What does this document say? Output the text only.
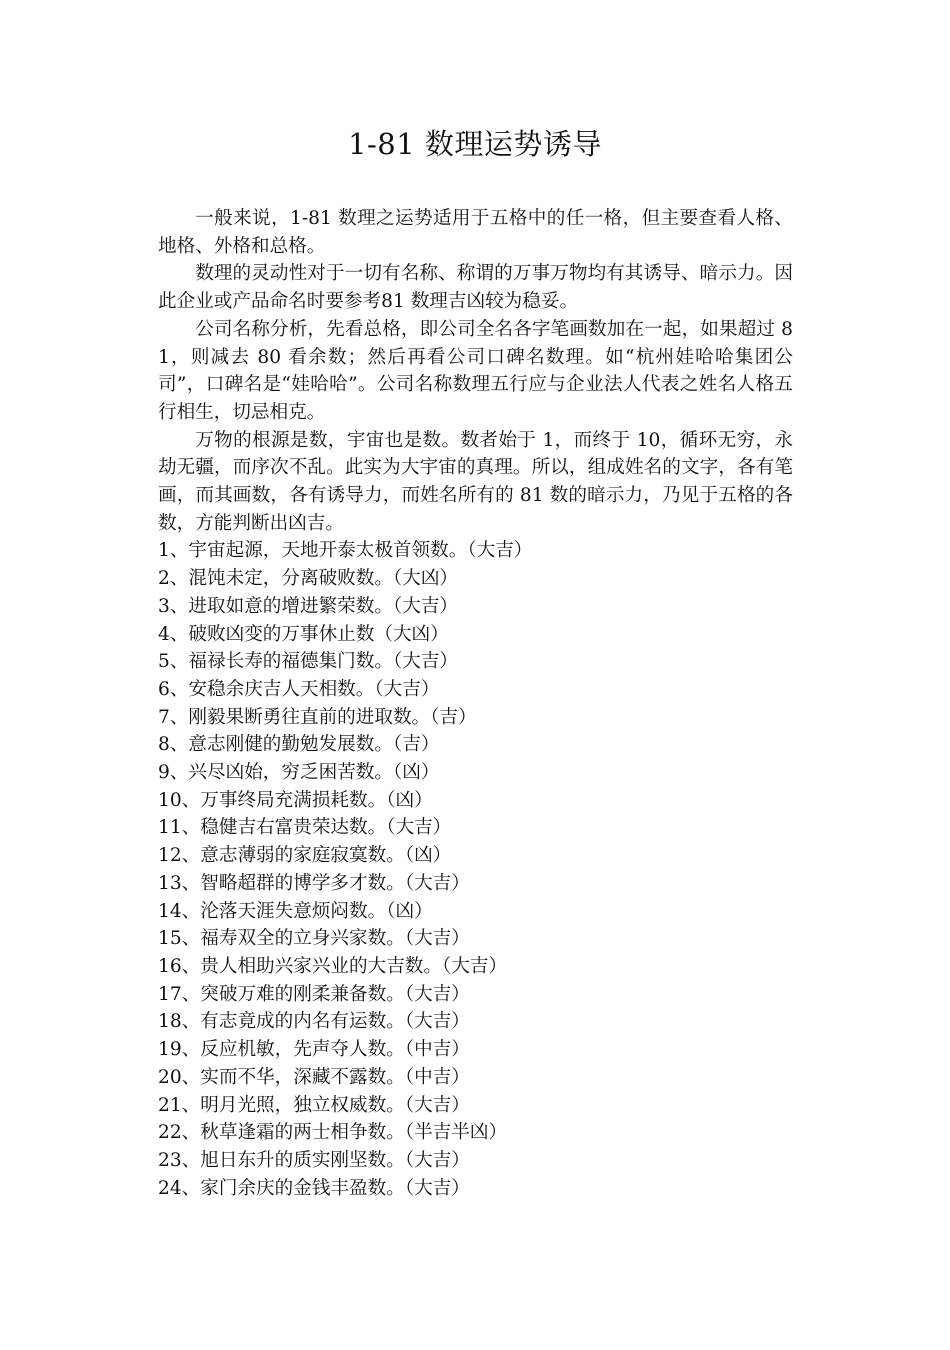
1-81 数理运势诱导

一般来说，1-81 数理之运势适用于五格中的任一格，但主要查看人格、地格、外格和总格。

数理的灵动性对于一切有名称、称谓的万事万物均有其诱导、暗示力。因此企业或产品命名时要参考81 数理吉凶较为稳妥。

公司名称分析，先看总格，即公司全名各字笔画数加在一起，如果超过 81，则减去 80 看余数；然后再看公司口碑名数理。如“杭州娃哈哈集团公司”，口碑名是“娃哈哈”。公司名称数理五行应与企业法人代表之姓名人格五行相生，切忌相克。

万物的根源是数，宇宙也是数。数者始于 1，而终于 10，循环无穷，永劫无疆，而序次不乱。此实为大宇宙的真理。所以，组成姓名的文字，各有笔画，而其画数，各有诱导力，而姓名所有的 81 数的暗示力，乃见于五格的各数，方能判断出凶吉。

1、宇宙起源，天地开泰太极首领数。（大吉）
2、混饨未定，分离破败数。（大凶）
3、进取如意的增进繁荣数。（大吉）
4、破败凶变的万事休止数（大凶）
5、福禄长寿的福德集门数。（大吉）
6、安稳余庆吉人天相数。（大吉）
7、刚毅果断勇往直前的进取数。（吉）
8、意志刚健的勤勉发展数。（吉）
9、兴尽凶始，穷乏困苦数。（凶）
10、万事终局充满损耗数。（凶）
11、稳健吉右富贵荣达数。（大吉）
12、意志薄弱的家庭寂寞数。（凶）
13、智略超群的博学多才数。（大吉）
14、沦落天涯失意烦闷数。（凶）
15、福寿双全的立身兴家数。（大吉）
16、贵人相助兴家兴业的大吉数。（大吉）
17、突破万难的刚柔兼备数。（大吉）
18、有志竟成的内名有运数。（大吉）
19、反应机敏，先声夺人数。（中吉）
20、实而不华，深藏不露数。（中吉）
21、明月光照，独立权威数。（大吉）
22、秋草逢霜的两士相争数。（半吉半凶）
23、旭日东升的质实刚坚数。（大吉）
24、家门余庆的金钱丰盈数。（大吉）
